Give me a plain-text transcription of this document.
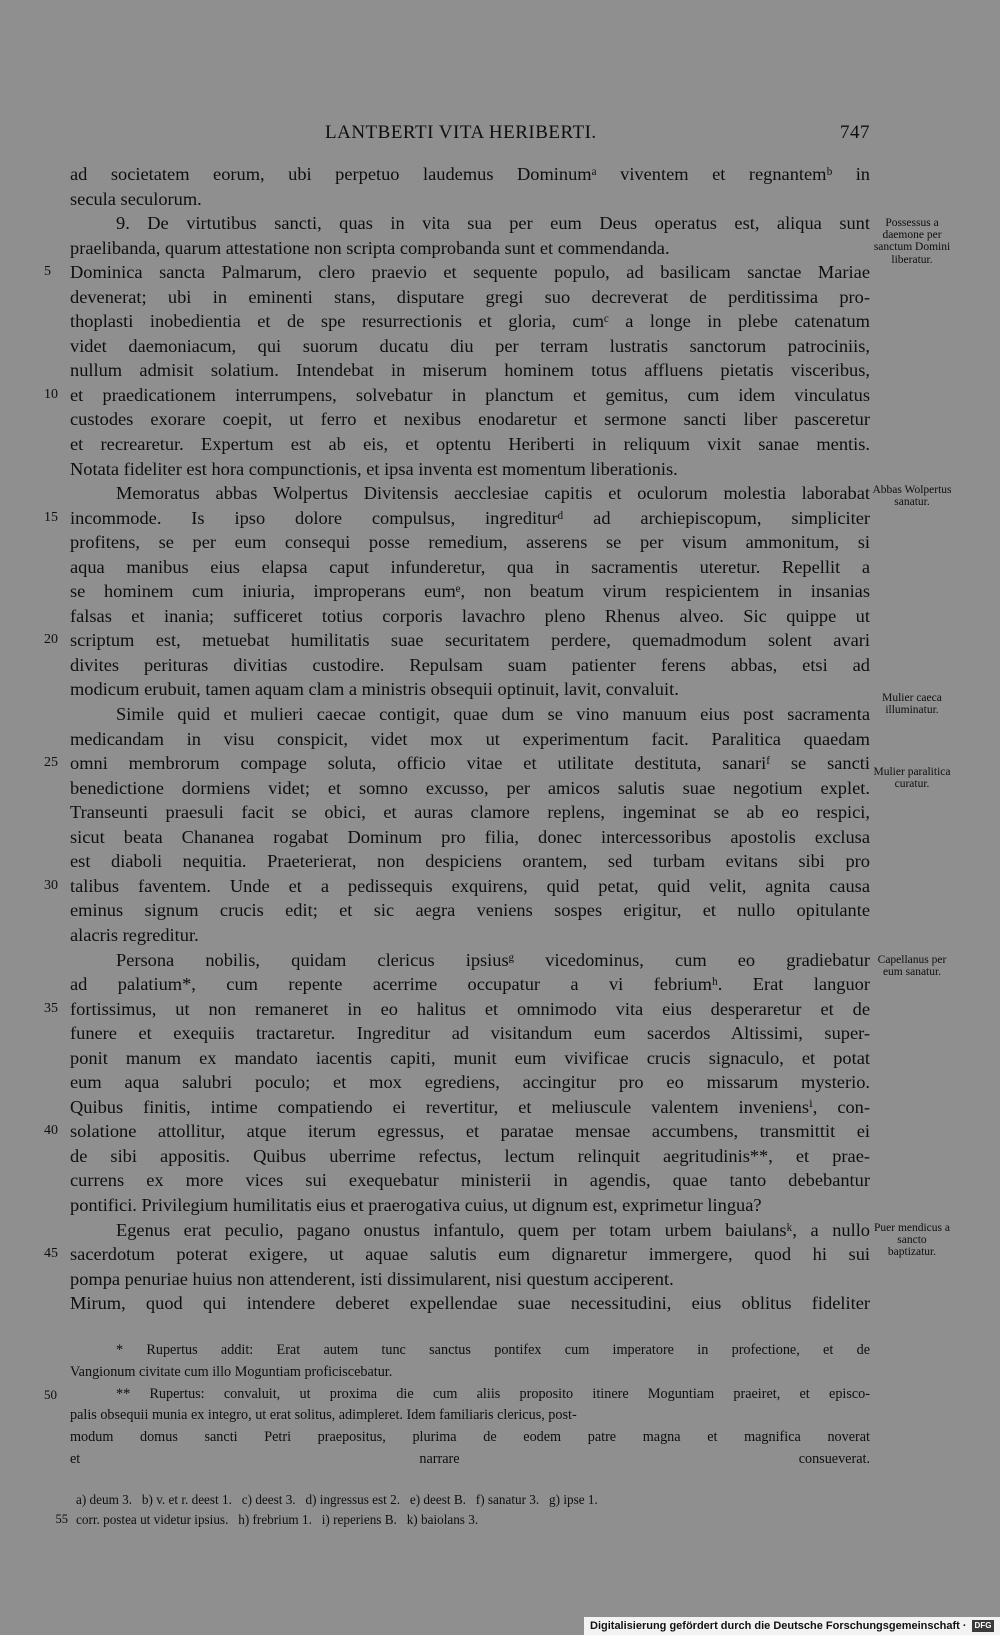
LANTBERTI VITA HERIBERTI.	747
ad societatem eorum, ubi perpetuo laudemus Dominumᵃ viventem et regnantemᵇ in
secula seculorum.
9. De virtutibus sancti, quas in vita sua per eum Deus operatus est, aliqua sunt
praelibanda, quarum attestatione non scripta comprobanda sunt et commendanda.
Dominica sancta Palmarum, clero praevio et sequente populo, ad basilicam sanctae Mariae
5
devenerat; ubi in eminenti stans, disputare gregi suo decreverat de perditissima pro-
thoplasti inobedientia et de spe resurrectionis et gloria, cumᶜ a longe in plebe catenatum
videt daemoniacum, qui suorum ducatu diu per terram lustratis sanctorum patrociniis,
nullum admisit solatium. Intendebat in miserum hominem totus affluens pietatis visceribus,
et praedicationem interrumpens, solvebatur in planctum et gemitus, cum idem vinculatus
10
custodes exorare coepit, ut ferro et nexibus enodaretur et sermone sancti liber pasceretur
et recrearetur. Expertum est ab eis, et optentu Heriberti in reliquum vixit sanae mentis.
Notata fideliter est hora compunctionis, et ipsa inventa est momentum liberationis.
Memoratus abbas Wolpertus Divitensis aecclesiae capitis et oculorum molestia laborabat
incommode. Is ipso dolore compulsus, ingrediturᵈ ad archiepiscopum, simpliciter
15
profitens, se per eum consequi posse remedium, asserens se per visum ammonitum, si
aqua manibus eius elapsa caput infunderetur, qua in sacramentis uteretur. Repellit a
se hominem cum iniuria, improperans eumᵉ, non beatum virum respicientem in insanias
falsas et inania; sufficeret totius corporis lavachro pleno Rhenus alveo. Sic quippe ut
scriptum est, metuebat humilitatis suae securitatem perdere, quemadmodum solent avari
20
divites perituras divitias custodire. Repulsam suam patienter ferens abbas, etsi ad
modicum erubuit, tamen aquam clam a ministris obsequii optinuit, lavit, convaluit.
Simile quid et mulieri caecae contigit, quae dum se vino manuum eius post sacramenta
medicandam in visu conspicit, videt mox ut experimentum facit. Paralitica quaedam
omni membrorum compage soluta, officio vitae et utilitate destituta, sanariᶠ se sancti
25
benedictione dormiens videt; et somno excusso, per amicos salutis suae negotium explet.
Transeunti praesuli facit se obici, et auras clamore replens, ingeminat se ab eo respici,
sicut beata Chananea rogabat Dominum pro filia, donec intercessoribus apostolis exclusa
est diaboli nequitia. Praeterierat, non despiciens orantem, sed turbam evitans sibi pro
talibus faventem. Unde et a pedissequis exquirens, quid petat, quid velit, agnita causa
30
eminus signum crucis edit; et sic aegra veniens sospes erigitur, et nullo opitulante
alacris regreditur.
Persona nobilis, quidam clericus ipsiusᵍ vicedominus, cum eo gradiebatur
ad palatium*, cum repente acerrime occupatur a vi febriumʰ. Erat languor
fortissimus, ut non remaneret in eo halitus et omnimodo vita eius desperaretur et de
35
funere et exequiis tractaretur. Ingreditur ad visitandum eum sacerdos Altissimi, super-
ponit manum ex mandato iacentis capiti, munit eum vivificae crucis signaculo, et potat
eum aqua salubri poculo; et mox egrediens, accingitur pro eo missarum mysterio.
Quibus finitis, intime compatiendo ei revertitur, et meliuscule valentem inveniensⁱ, con-
solatione attollitur, atque iterum egressus, et paratae mensae accumbens, transmittit ei
40
de sibi appositis. Quibus uberrime refectus, lectum relinquit aegritudinis**, et prae-
currens ex more vices sui exequebatur ministerii in agendis, quae tanto debebantur
pontifici. Privilegium humilitatis eius et praerogativa cuius, ut dignum est, exprimetur lingua?
Egenus erat peculio, pagano onustus infantulo, quem per totam urbem baiulansᵏ, a nullo
sacerdotum poterat exigere, ut aquae salutis eum dignaretur immergere, quod hi sui
45
pompa penuriae huius non attenderent, isti dissimularent, nisi questum acciperent.
Mirum, quod qui intendere deberet expellendae suae necessitudini, eius oblitus fideliter
Possessus a daemone per sanctum Domini liberatur.
Abbas Wolpertus sanatur.
Mulier caeca illuminatur.
Mulier paralitica curatur.
Capellanus per eum sanatur.
Puer mendicus a sancto baptizatur.
* Rupertus addit: Erat autem tunc sanctus pontifex cum imperatore in profectione, et de
Vangionum civitate cum illo Moguntiam proficiscebatur.
** Rupertus: convaluit, ut proxima die cum aliis proposito itinere Moguntiam praeiret, et episco-
50
palis obsequii munia ex integro, ut erat solitus, adimpleret. Idem familiaris clericus, post-
modum domus sancti Petri praepositus, plurima de eodem patre magna et magnifica noverat
et narrare consueverat.
a) deum 3.   b) v. et r. deest 1.   c) deest 3.   d) ingressus est 2.   e) deest B.   f) sanatur 3.   g) ipse 1.
corr. postea ut videtur ipsius.   h) frebrium 1.   i) reperiens B.   k) baiolans 3.
55
Digitalisierung gefördert durch die Deutsche Forschungsgemeinschaft ·	DFG
